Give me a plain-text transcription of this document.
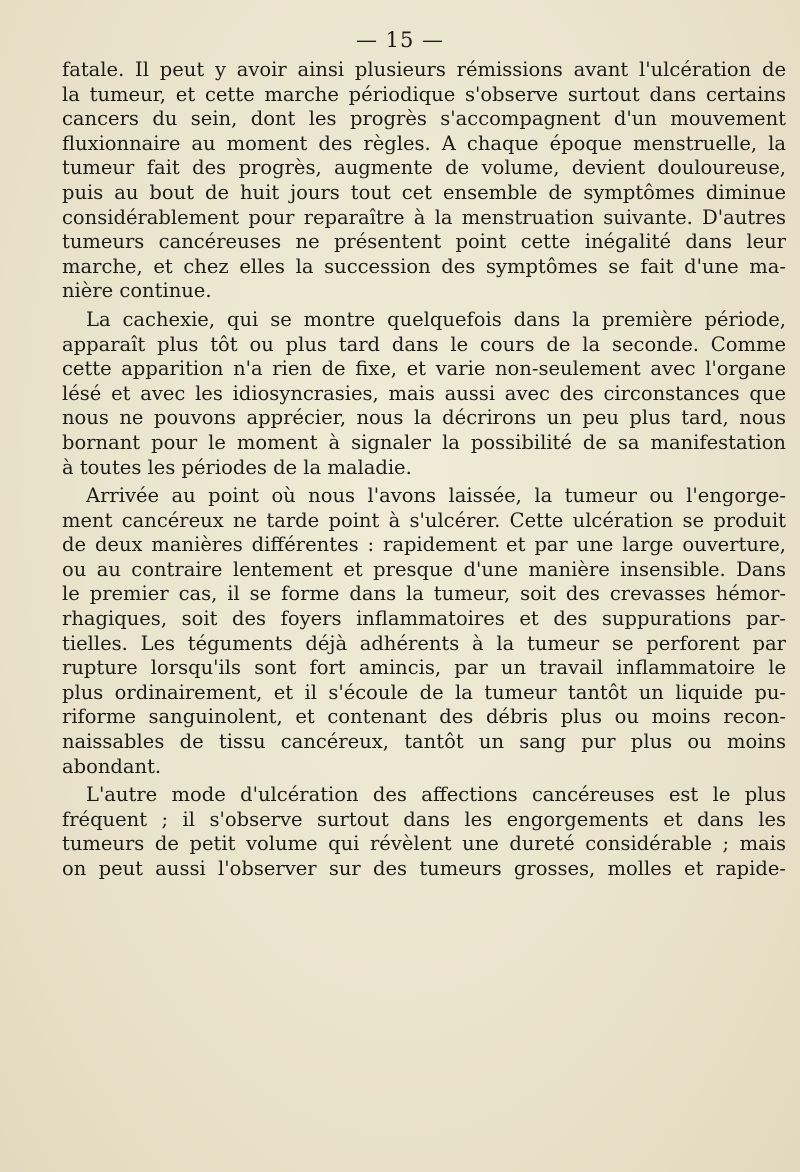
— 15 —
fatale. Il peut y avoir ainsi plusieurs rémissions avant l'ulcération de
la tumeur, et cette marche périodique s'observe surtout dans certains
cancers du sein, dont les progrès s'accompagnent d'un mouvement
fluxionnaire au moment des règles. A chaque époque menstruelle, la
tumeur fait des progrès, augmente de volume, devient douloureuse,
puis au bout de huit jours tout cet ensemble de symptômes diminue
considérablement pour reparaître à la menstruation suivante. D'autres
tumeurs cancéreuses ne présentent point cette inégalité dans leur
marche, et chez elles la succession des symptômes se fait d'une ma-
nière continue.
La cachexie, qui se montre quelquefois dans la première période,
apparaît plus tôt ou plus tard dans le cours de la seconde. Comme
cette apparition n'a rien de fixe, et varie non-seulement avec l'organe
lésé et avec les idiosyncrasies, mais aussi avec des circonstances que
nous ne pouvons apprécier, nous la décrirons un peu plus tard, nous
bornant pour le moment à signaler la possibilité de sa manifestation
à toutes les périodes de la maladie.
Arrivée au point où nous l'avons laissée, la tumeur ou l'engorge-
ment cancéreux ne tarde point à s'ulcérer. Cette ulcération se produit
de deux manières différentes : rapidement et par une large ouverture,
ou au contraire lentement et presque d'une manière insensible. Dans
le premier cas, il se forme dans la tumeur, soit des crevasses hémor-
rhagiques, soit des foyers inflammatoires et des suppurations par-
tielles. Les téguments déjà adhérents à la tumeur se perforent par
rupture lorsqu'ils sont fort amincis, par un travail inflammatoire le
plus ordinairement, et il s'écoule de la tumeur tantôt un liquide pu-
riforme sanguinolent, et contenant des débris plus ou moins recon-
naissables de tissu cancéreux, tantôt un sang pur plus ou moins
abondant.
L'autre mode d'ulcération des affections cancéreuses est le plus
fréquent ; il s'observe surtout dans les engorgements et dans les
tumeurs de petit volume qui révèlent une dureté considérable ; mais
on peut aussi l'observer sur des tumeurs grosses, molles et rapide-
